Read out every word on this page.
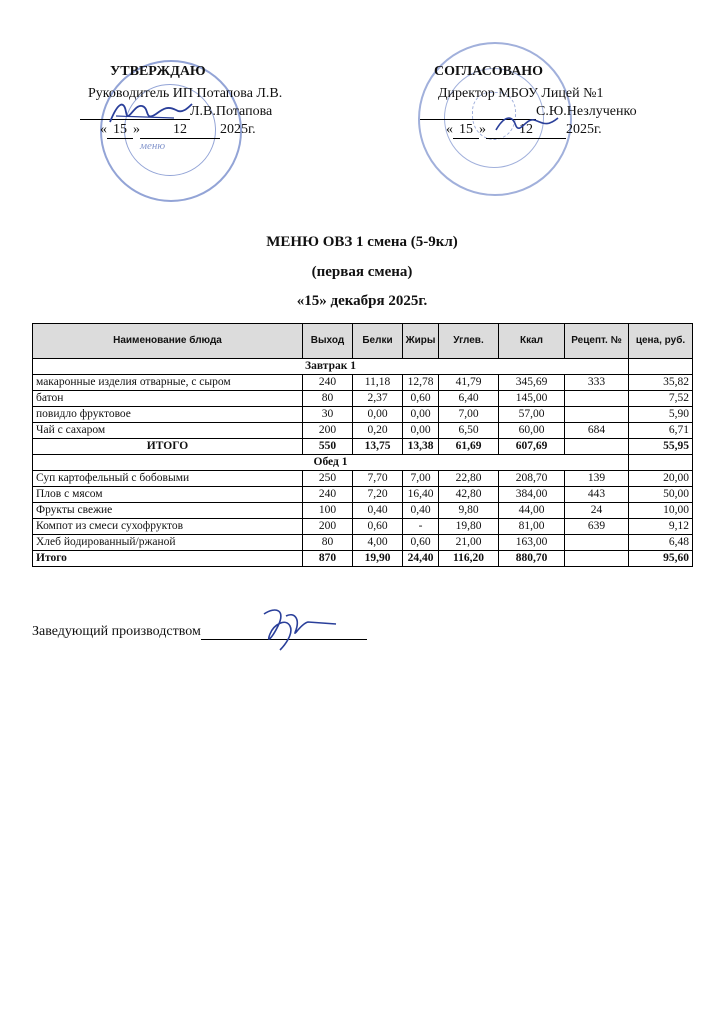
меню
УТВЕРЖДАЮ
Руководитель ИП Потапова Л.В.
Л.В.Потапова
« 15 » 12 2025г.
СОГЛАСОВАНО
Директор МБОУ Лицей №1
С.Ю.Незлученко
« 15 » 12 2025г.
МЕНЮ ОВЗ 1 смена (5-9кл)
(первая смена)
«15» декабря 2025г.
Наименование блюда	Выход	Белки	Жиры	Углев.	Ккал	Рецепт. №	цена, руб.
Завтрак 1							
макаронные изделия отварные, с сыром	240	11,18	12,78	41,79	345,69	333	35,82
батон	80	2,37	0,60	6,40	145,00		7,52
повидло фруктовое	30	0,00	0,00	7,00	57,00		5,90
Чай с сахаром	200	0,20	0,00	6,50	60,00	684	6,71
ИТОГО	550	13,75	13,38	61,69	607,69		55,95
Обед 1							
Суп картофельный с бобовыми	250	7,70	7,00	22,80	208,70	139	20,00
Плов с мясом	240	7,20	16,40	42,80	384,00	443	50,00
Фрукты свежие	100	0,40	0,40	9,80	44,00	24	10,00
Компот из смеси сухофруктов	200	0,60	-	19,80	81,00	639	9,12
Хлеб йодированный/ржаной	80	4,00	0,60	21,00	163,00		6,48
Итого	870	19,90	24,40	116,20	880,70		95,60
Заведующий производством
